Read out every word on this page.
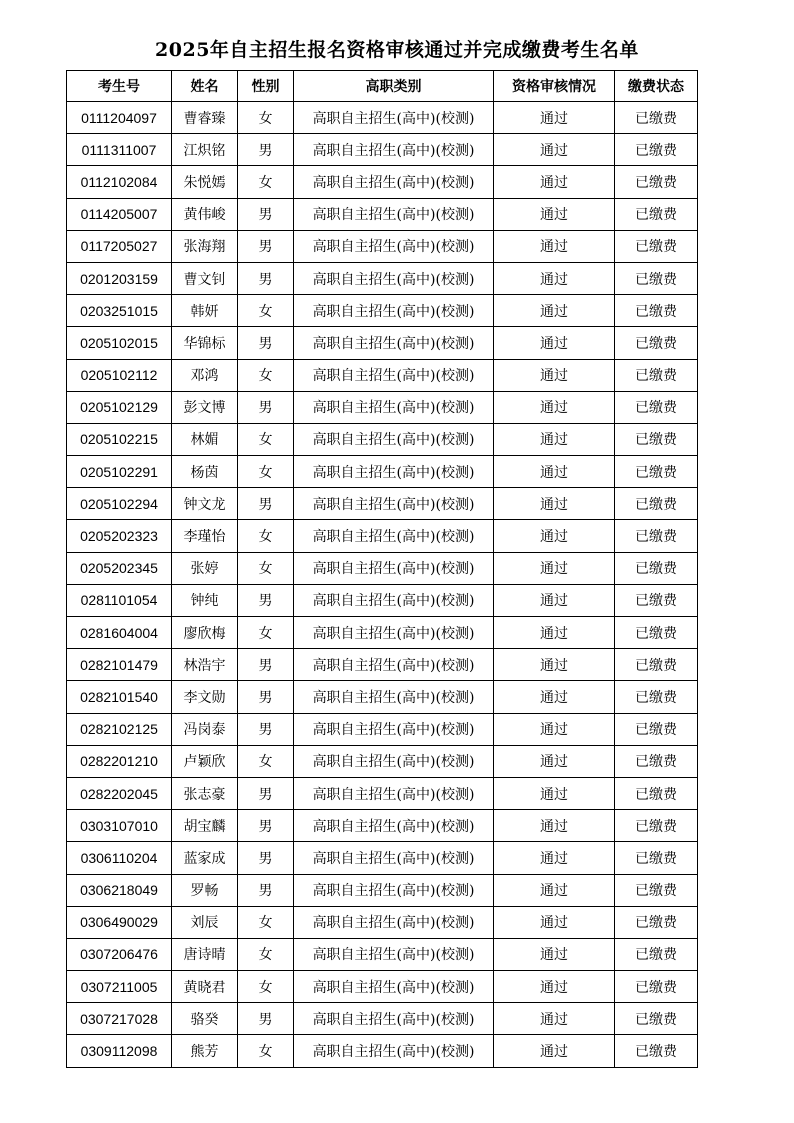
2025年自主招生报名资格审核通过并完成缴费考生名单
考生号	姓名	性别	高职类别	资格审核情况	缴费状态
0111204097	曹睿臻	女	高职自主招生(高中)(校测)	通过	已缴费
0111311007	江炽铭	男	高职自主招生(高中)(校测)	通过	已缴费
0112102084	朱悦嫣	女	高职自主招生(高中)(校测)	通过	已缴费
0114205007	黄伟峻	男	高职自主招生(高中)(校测)	通过	已缴费
0117205027	张海翔	男	高职自主招生(高中)(校测)	通过	已缴费
0201203159	曹文钊	男	高职自主招生(高中)(校测)	通过	已缴费
0203251015	韩妍	女	高职自主招生(高中)(校测)	通过	已缴费
0205102015	华锦标	男	高职自主招生(高中)(校测)	通过	已缴费
0205102112	邓鸿	女	高职自主招生(高中)(校测)	通过	已缴费
0205102129	彭文博	男	高职自主招生(高中)(校测)	通过	已缴费
0205102215	林媚	女	高职自主招生(高中)(校测)	通过	已缴费
0205102291	杨茵	女	高职自主招生(高中)(校测)	通过	已缴费
0205102294	钟文龙	男	高职自主招生(高中)(校测)	通过	已缴费
0205202323	李瑾怡	女	高职自主招生(高中)(校测)	通过	已缴费
0205202345	张婷	女	高职自主招生(高中)(校测)	通过	已缴费
0281101054	钟纯	男	高职自主招生(高中)(校测)	通过	已缴费
0281604004	廖欣梅	女	高职自主招生(高中)(校测)	通过	已缴费
0282101479	林浩宇	男	高职自主招生(高中)(校测)	通过	已缴费
0282101540	李文勋	男	高职自主招生(高中)(校测)	通过	已缴费
0282102125	冯岗泰	男	高职自主招生(高中)(校测)	通过	已缴费
0282201210	卢颖欣	女	高职自主招生(高中)(校测)	通过	已缴费
0282202045	张志豪	男	高职自主招生(高中)(校测)	通过	已缴费
0303107010	胡宝麟	男	高职自主招生(高中)(校测)	通过	已缴费
0306110204	蓝家成	男	高职自主招生(高中)(校测)	通过	已缴费
0306218049	罗畅	男	高职自主招生(高中)(校测)	通过	已缴费
0306490029	刘辰	女	高职自主招生(高中)(校测)	通过	已缴费
0307206476	唐诗晴	女	高职自主招生(高中)(校测)	通过	已缴费
0307211005	黄晓君	女	高职自主招生(高中)(校测)	通过	已缴费
0307217028	骆癸	男	高职自主招生(高中)(校测)	通过	已缴费
0309112098	熊芳	女	高职自主招生(高中)(校测)	通过	已缴费
